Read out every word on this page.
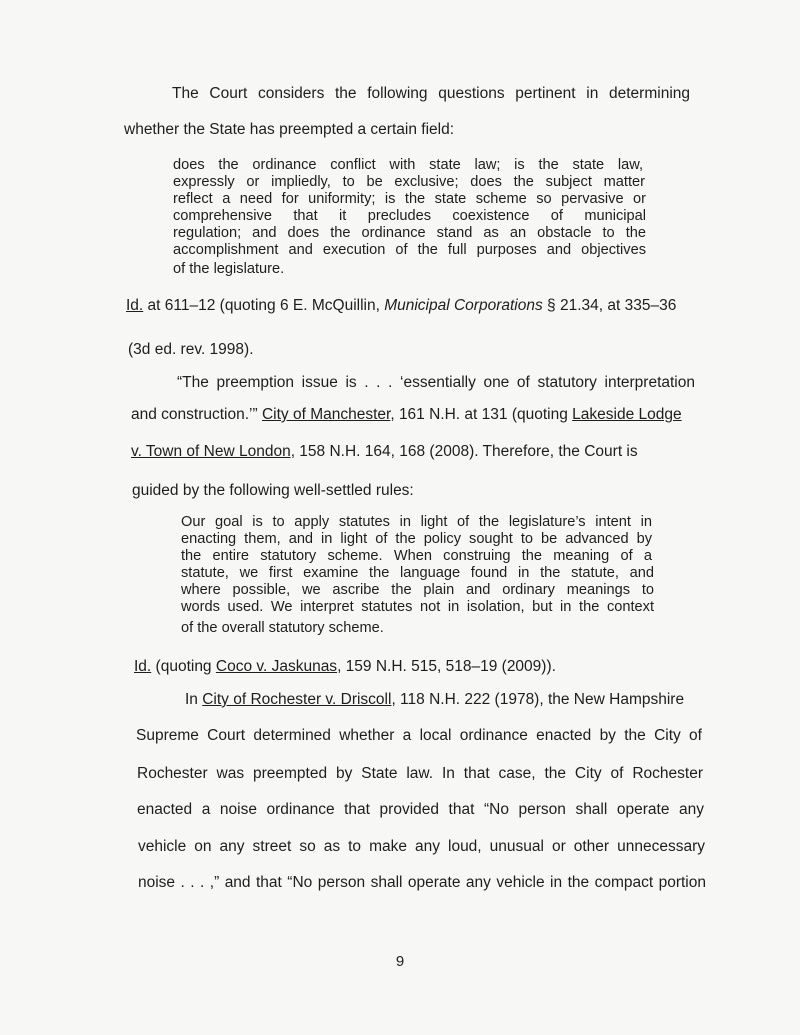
The Court considers the following questions pertinent in determining
whether the State has preempted a certain field:
does the ordinance conflict with state law; is the state law,
expressly or impliedly, to be exclusive; does the subject matter
reflect a need for uniformity; is the state scheme so pervasive or
comprehensive that it precludes coexistence of municipal
regulation; and does the ordinance stand as an obstacle to the
accomplishment and execution of the full purposes and objectives
of the legislature.
Id. at 611–12 (quoting 6 E. McQuillin, Municipal Corporations § 21.34, at 335–36
(3d ed. rev. 1998).
“The preemption issue is . . . ‘essentially one of statutory interpretation
and construction.’” City of Manchester, 161 N.H. at 131 (quoting Lakeside Lodge
v. Town of New London, 158 N.H. 164, 168 (2008). Therefore, the Court is
guided by the following well-settled rules:
Our goal is to apply statutes in light of the legislature’s intent in
enacting them, and in light of the policy sought to be advanced by
the entire statutory scheme. When construing the meaning of a
statute, we first examine the language found in the statute, and
where possible, we ascribe the plain and ordinary meanings to
words used. We interpret statutes not in isolation, but in the context
of the overall statutory scheme.
Id. (quoting Coco v. Jaskunas, 159 N.H. 515, 518–19 (2009)).
In City of Rochester v. Driscoll, 118 N.H. 222 (1978), the New Hampshire
Supreme Court determined whether a local ordinance enacted by the City of
Rochester was preempted by State law. In that case, the City of Rochester
enacted a noise ordinance that provided that “No person shall operate any
vehicle on any street so as to make any loud, unusual or other unnecessary
noise . . . ,” and that “No person shall operate any vehicle in the compact portion
9
